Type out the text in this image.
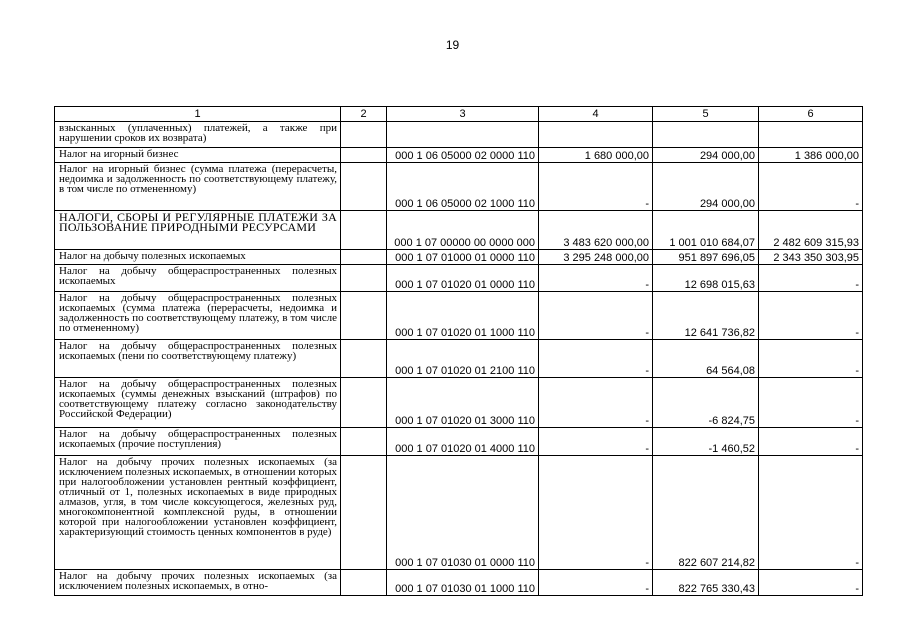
19
1	2	3	4	5	6
взысканных (уплаченных) платежей, а также при нарушении сроков их возврата)					
Налог на игорный бизнес		000 1 06 05000 02 0000 110	1 680 000,00	294 000,00	1 386 000,00
Налог на игорный бизнес (сумма платежа (перерасчеты, недоимка и задолженность по соответствующему платежу, в том числе по отмененному)		000 1 06 05000 02 1000 110	-	294 000,00	-
НАЛОГИ, СБОРЫ И РЕГУЛЯРНЫЕ ПЛАТЕЖИ ЗА ПОЛЬЗОВАНИЕ ПРИРОДНЫМИ РЕСУРСАМИ		000 1 07 00000 00 0000 000	3 483 620 000,00	1 001 010 684,07	2 482 609 315,93
Налог на добычу полезных ископаемых		000 1 07 01000 01 0000 110	3 295 248 000,00	951 897 696,05	2 343 350 303,95
Налог на добычу общераспространенных полезных ископаемых		000 1 07 01020 01 0000 110	-	12 698 015,63	-
Налог на добычу общераспространенных полезных ископаемых (сумма платежа (перерасчеты, недоимка и задолженность по соответствующему платежу, в том числе по отмененному)		000 1 07 01020 01 1000 110	-	12 641 736,82	-
Налог на добычу общераспространенных полезных ископаемых (пени по соответствующему платежу)		000 1 07 01020 01 2100 110	-	64 564,08	-
Налог на добычу общераспространенных полезных ископаемых (суммы денежных взысканий (штрафов) по соответствующему платежу согласно законодательству Российской Федерации)		000 1 07 01020 01 3000 110	-	-6 824,75	-
Налог на добычу общераспространенных полезных ископаемых (прочие поступления)		000 1 07 01020 01 4000 110	-	-1 460,52	-
Налог на добычу прочих полезных ископаемых (за исключением полезных ископаемых, в отношении которых при налогообложении установлен рентный коэффициент, отличный от 1, полезных ископаемых в виде природных алмазов, угля, в том числе коксующегося, железных руд, многокомпонентной комплексной руды, в отношении которой при налогообложении установлен коэффициент, характеризующий стоимость ценных компонентов в руде)		000 1 07 01030 01 0000 110	-	822 607 214,82	-
Налог на добычу прочих полезных ископаемых (за исключением полезных ископаемых, в отно-		000 1 07 01030 01 1000 110	-	822 765 330,43	-
